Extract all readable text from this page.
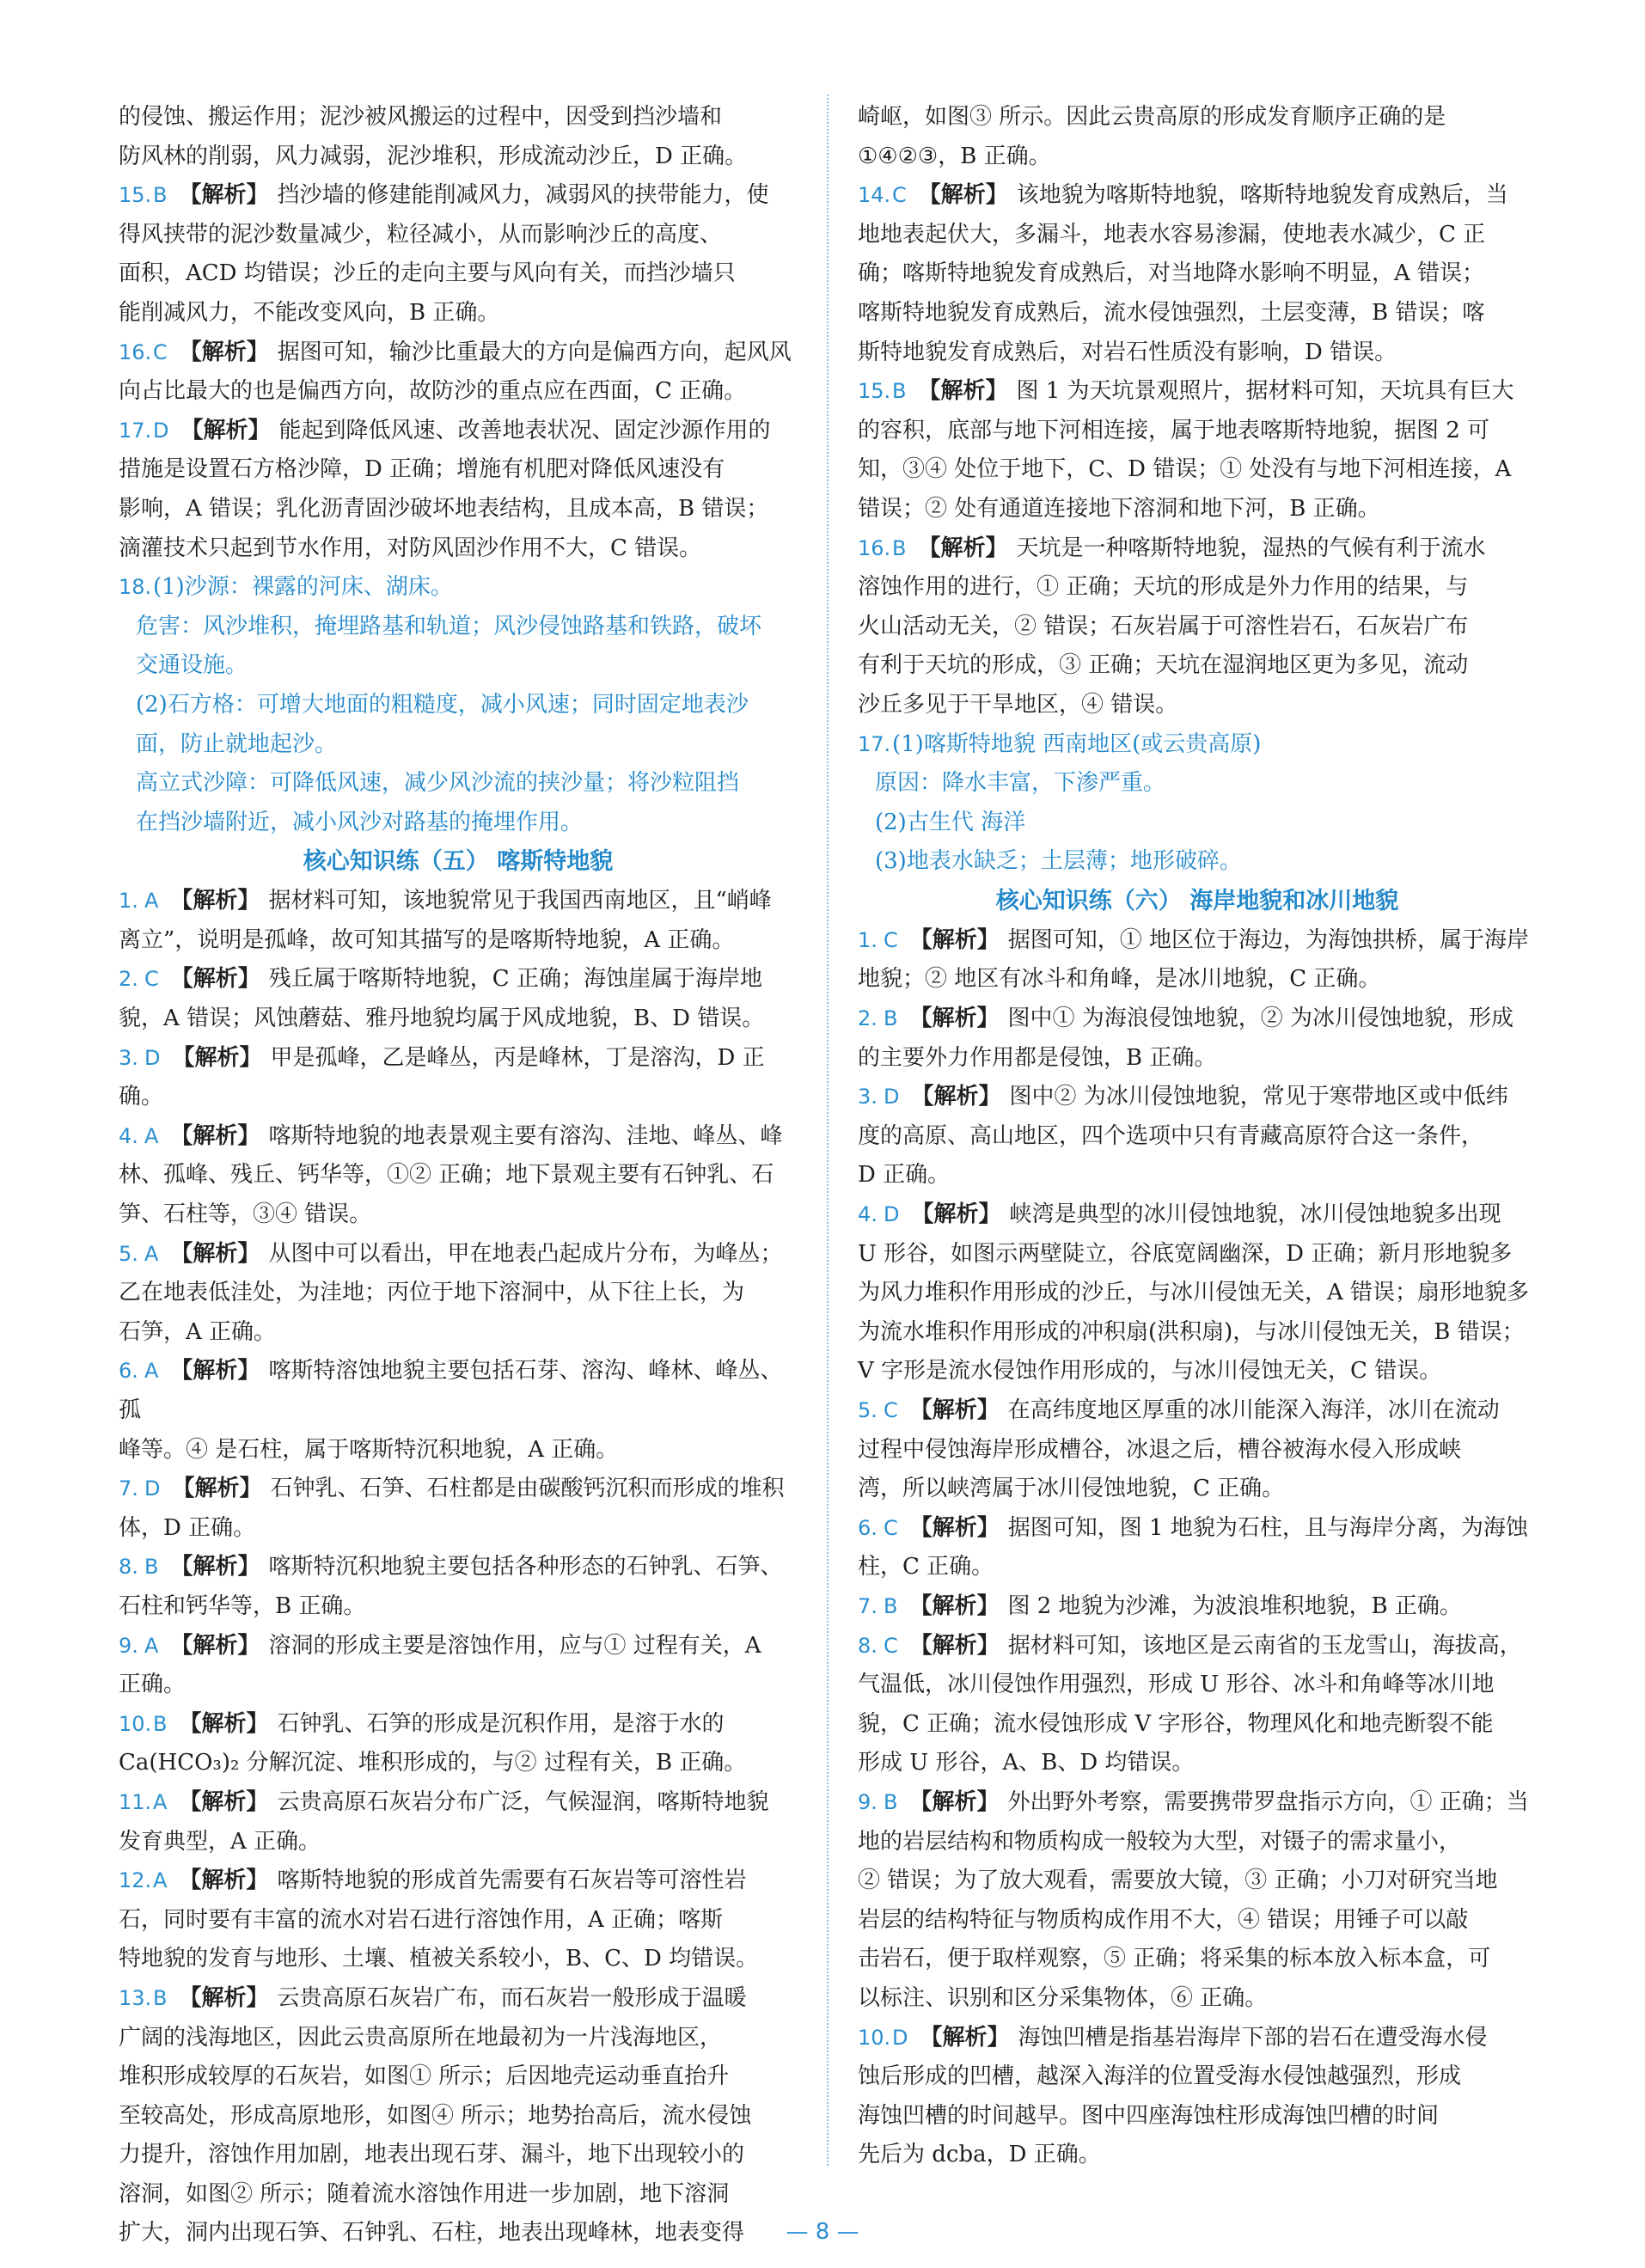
的侵蚀、搬运作用；泥沙被风搬运的过程中，因受到挡沙墙和

防风林的削弱，风力减弱，泥沙堆积，形成流动沙丘，D 正确。

15.B 【解析】 挡沙墙的修建能削减风力，减弱风的挟带能力，使

得风挟带的泥沙数量减少，粒径减小，从而影响沙丘的高度、

面积，ACD 均错误；沙丘的走向主要与风向有关，而挡沙墙只

能削减风力，不能改变风向，B 正确。

16.C 【解析】 据图可知，输沙比重最大的方向是偏西方向，起风风

向占比最大的也是偏西方向，故防沙的重点应在西面，C 正确。

17.D 【解析】 能起到降低风速、改善地表状况、固定沙源作用的

措施是设置石方格沙障，D 正确；增施有机肥对降低风速没有

影响，A 错误；乳化沥青固沙破坏地表结构，且成本高，B 错误；

滴灌技术只起到节水作用，对防风固沙作用不大，C 错误。

18.(1)沙源：裸露的河床、湖床。

危害：风沙堆积，掩埋路基和轨道；风沙侵蚀路基和铁路，破坏

交通设施。

(2)石方格：可增大地面的粗糙度，减小风速；同时固定地表沙

面，防止就地起沙。

高立式沙障：可降低风速，减少风沙流的挟沙量；将沙粒阻挡

在挡沙墙附近，减小风沙对路基的掩埋作用。

核心知识练（五） 喀斯特地貌

1. A 【解析】 据材料可知，该地貌常见于我国西南地区，且“峭峰

离立”，说明是孤峰，故可知其描写的是喀斯特地貌，A 正确。

2. C 【解析】 残丘属于喀斯特地貌，C 正确；海蚀崖属于海岸地

貌，A 错误；风蚀蘑菇、雅丹地貌均属于风成地貌，B、D 错误。

3. D 【解析】 甲是孤峰，乙是峰丛，丙是峰林，丁是溶沟，D 正确。

4. A 【解析】 喀斯特地貌的地表景观主要有溶沟、洼地、峰丛、峰

林、孤峰、残丘、钙华等，①② 正确；地下景观主要有石钟乳、石

笋、石柱等，③④ 错误。

5. A 【解析】 从图中可以看出，甲在地表凸起成片分布，为峰丛；

乙在地表低洼处，为洼地；丙位于地下溶洞中，从下往上长，为

石笋，A 正确。

6. A 【解析】 喀斯特溶蚀地貌主要包括石芽、溶沟、峰林、峰丛、孤

峰等。④ 是石柱，属于喀斯特沉积地貌，A 正确。

7. D 【解析】 石钟乳、石笋、石柱都是由碳酸钙沉积而形成的堆积

体，D 正确。

8. B 【解析】 喀斯特沉积地貌主要包括各种形态的石钟乳、石笋、

石柱和钙华等，B 正确。

9. A 【解析】 溶洞的形成主要是溶蚀作用，应与① 过程有关，A

正确。

10.B 【解析】 石钟乳、石笋的形成是沉积作用，是溶于水的

Ca(HCO₃)₂ 分解沉淀、堆积形成的，与② 过程有关，B 正确。

11.A 【解析】 云贵高原石灰岩分布广泛，气候湿润，喀斯特地貌

发育典型，A 正确。

12.A 【解析】 喀斯特地貌的形成首先需要有石灰岩等可溶性岩

石，同时要有丰富的流水对岩石进行溶蚀作用，A 正确；喀斯

特地貌的发育与地形、土壤、植被关系较小，B、C、D 均错误。

13.B 【解析】 云贵高原石灰岩广布，而石灰岩一般形成于温暖

广阔的浅海地区，因此云贵高原所在地最初为一片浅海地区，

堆积形成较厚的石灰岩，如图① 所示；后因地壳运动垂直抬升

至较高处，形成高原地形，如图④ 所示；地势抬高后，流水侵蚀

力提升，溶蚀作用加剧，地表出现石芽、漏斗，地下出现较小的

溶洞，如图② 所示；随着流水溶蚀作用进一步加剧，地下溶洞

扩大，洞内出现石笋、石钟乳、石柱，地表出现峰林，地表变得

崎岖，如图③ 所示。因此云贵高原的形成发育顺序正确的是

①④②③，B 正确。

14.C 【解析】 该地貌为喀斯特地貌，喀斯特地貌发育成熟后，当

地地表起伏大，多漏斗，地表水容易渗漏，使地表水减少，C 正

确；喀斯特地貌发育成熟后，对当地降水影响不明显，A 错误；

喀斯特地貌发育成熟后，流水侵蚀强烈，土层变薄，B 错误；喀

斯特地貌发育成熟后，对岩石性质没有影响，D 错误。

15.B 【解析】 图 1 为天坑景观照片，据材料可知，天坑具有巨大

的容积，底部与地下河相连接，属于地表喀斯特地貌，据图 2 可

知，③④ 处位于地下，C、D 错误；① 处没有与地下河相连接，A

错误；② 处有通道连接地下溶洞和地下河，B 正确。

16.B 【解析】 天坑是一种喀斯特地貌，湿热的气候有利于流水

溶蚀作用的进行，① 正确；天坑的形成是外力作用的结果，与

火山活动无关，② 错误；石灰岩属于可溶性岩石，石灰岩广布

有利于天坑的形成，③ 正确；天坑在湿润地区更为多见，流动

沙丘多见于干旱地区，④ 错误。

17.(1)喀斯特地貌 西南地区(或云贵高原)

原因：降水丰富，下渗严重。

(2)古生代 海洋

(3)地表水缺乏；土层薄；地形破碎。

核心知识练（六） 海岸地貌和冰川地貌

1. C 【解析】 据图可知，① 地区位于海边，为海蚀拱桥，属于海岸

地貌；② 地区有冰斗和角峰，是冰川地貌，C 正确。

2. B 【解析】 图中① 为海浪侵蚀地貌，② 为冰川侵蚀地貌，形成

的主要外力作用都是侵蚀，B 正确。

3. D 【解析】 图中② 为冰川侵蚀地貌，常见于寒带地区或中低纬

度的高原、高山地区，四个选项中只有青藏高原符合这一条件，

D 正确。

4. D 【解析】 峡湾是典型的冰川侵蚀地貌，冰川侵蚀地貌多出现

U 形谷，如图示两壁陡立，谷底宽阔幽深，D 正确；新月形地貌多

为风力堆积作用形成的沙丘，与冰川侵蚀无关，A 错误；扇形地貌多

为流水堆积作用形成的冲积扇(洪积扇)，与冰川侵蚀无关，B 错误；

V 字形是流水侵蚀作用形成的，与冰川侵蚀无关，C 错误。

5. C 【解析】 在高纬度地区厚重的冰川能深入海洋，冰川在流动

过程中侵蚀海岸形成槽谷，冰退之后，槽谷被海水侵入形成峡

湾，所以峡湾属于冰川侵蚀地貌，C 正确。

6. C 【解析】 据图可知，图 1 地貌为石柱，且与海岸分离，为海蚀

柱，C 正确。

7. B 【解析】 图 2 地貌为沙滩，为波浪堆积地貌，B 正确。

8. C 【解析】 据材料可知，该地区是云南省的玉龙雪山，海拔高，

气温低，冰川侵蚀作用强烈，形成 U 形谷、冰斗和角峰等冰川地

貌，C 正确；流水侵蚀形成 V 字形谷，物理风化和地壳断裂不能

形成 U 形谷，A、B、D 均错误。

9. B 【解析】 外出野外考察，需要携带罗盘指示方向，① 正确；当

地的岩层结构和物质构成一般较为大型，对镊子的需求量小，

② 错误；为了放大观看，需要放大镜，③ 正确；小刀对研究当地

岩层的结构特征与物质构成作用不大，④ 错误；用锤子可以敲

击岩石，便于取样观察，⑤ 正确；将采集的标本放入标本盒，可

以标注、识别和区分采集物体，⑥ 正确。

10.D 【解析】 海蚀凹槽是指基岩海岸下部的岩石在遭受海水侵

蚀后形成的凹槽，越深入海洋的位置受海水侵蚀越强烈，形成

海蚀凹槽的时间越早。图中四座海蚀柱形成海蚀凹槽的时间

先后为 dcba，D 正确。

— 8 —
